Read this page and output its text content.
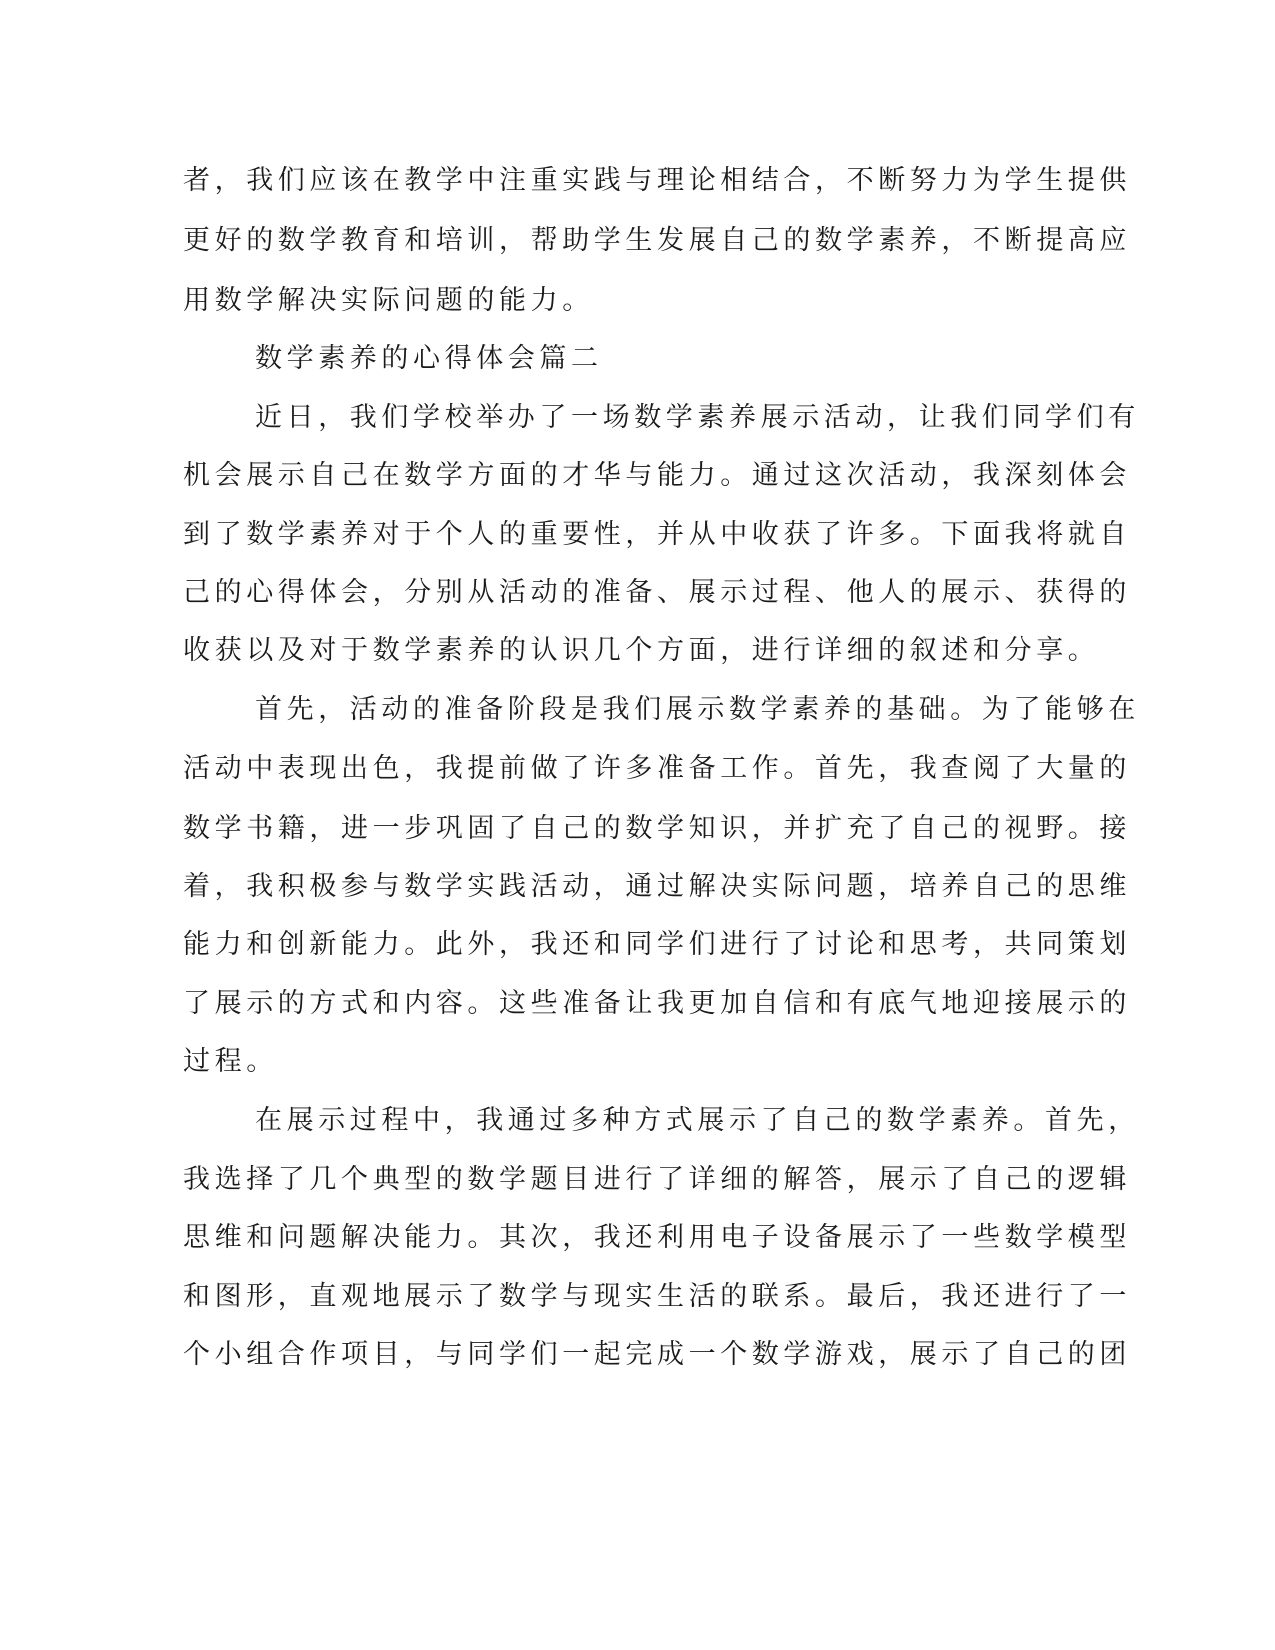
者，我们应该在教学中注重实践与理论相结合，不断努力为学生提供
更好的数学教育和培训，帮助学生发展自己的数学素养，不断提高应
用数学解决实际问题的能力。
数学素养的心得体会篇二
近日，我们学校举办了一场数学素养展示活动，让我们同学们有
机会展示自己在数学方面的才华与能力。通过这次活动，我深刻体会
到了数学素养对于个人的重要性，并从中收获了许多。下面我将就自
己的心得体会，分别从活动的准备、展示过程、他人的展示、获得的
收获以及对于数学素养的认识几个方面，进行详细的叙述和分享。
首先，活动的准备阶段是我们展示数学素养的基础。为了能够在
活动中表现出色，我提前做了许多准备工作。首先，我查阅了大量的
数学书籍，进一步巩固了自己的数学知识，并扩充了自己的视野。接
着，我积极参与数学实践活动，通过解决实际问题，培养自己的思维
能力和创新能力。此外，我还和同学们进行了讨论和思考，共同策划
了展示的方式和内容。这些准备让我更加自信和有底气地迎接展示的
过程。
在展示过程中，我通过多种方式展示了自己的数学素养。首先，
我选择了几个典型的数学题目进行了详细的解答，展示了自己的逻辑
思维和问题解决能力。其次，我还利用电子设备展示了一些数学模型
和图形，直观地展示了数学与现实生活的联系。最后，我还进行了一
个小组合作项目，与同学们一起完成一个数学游戏，展示了自己的团
